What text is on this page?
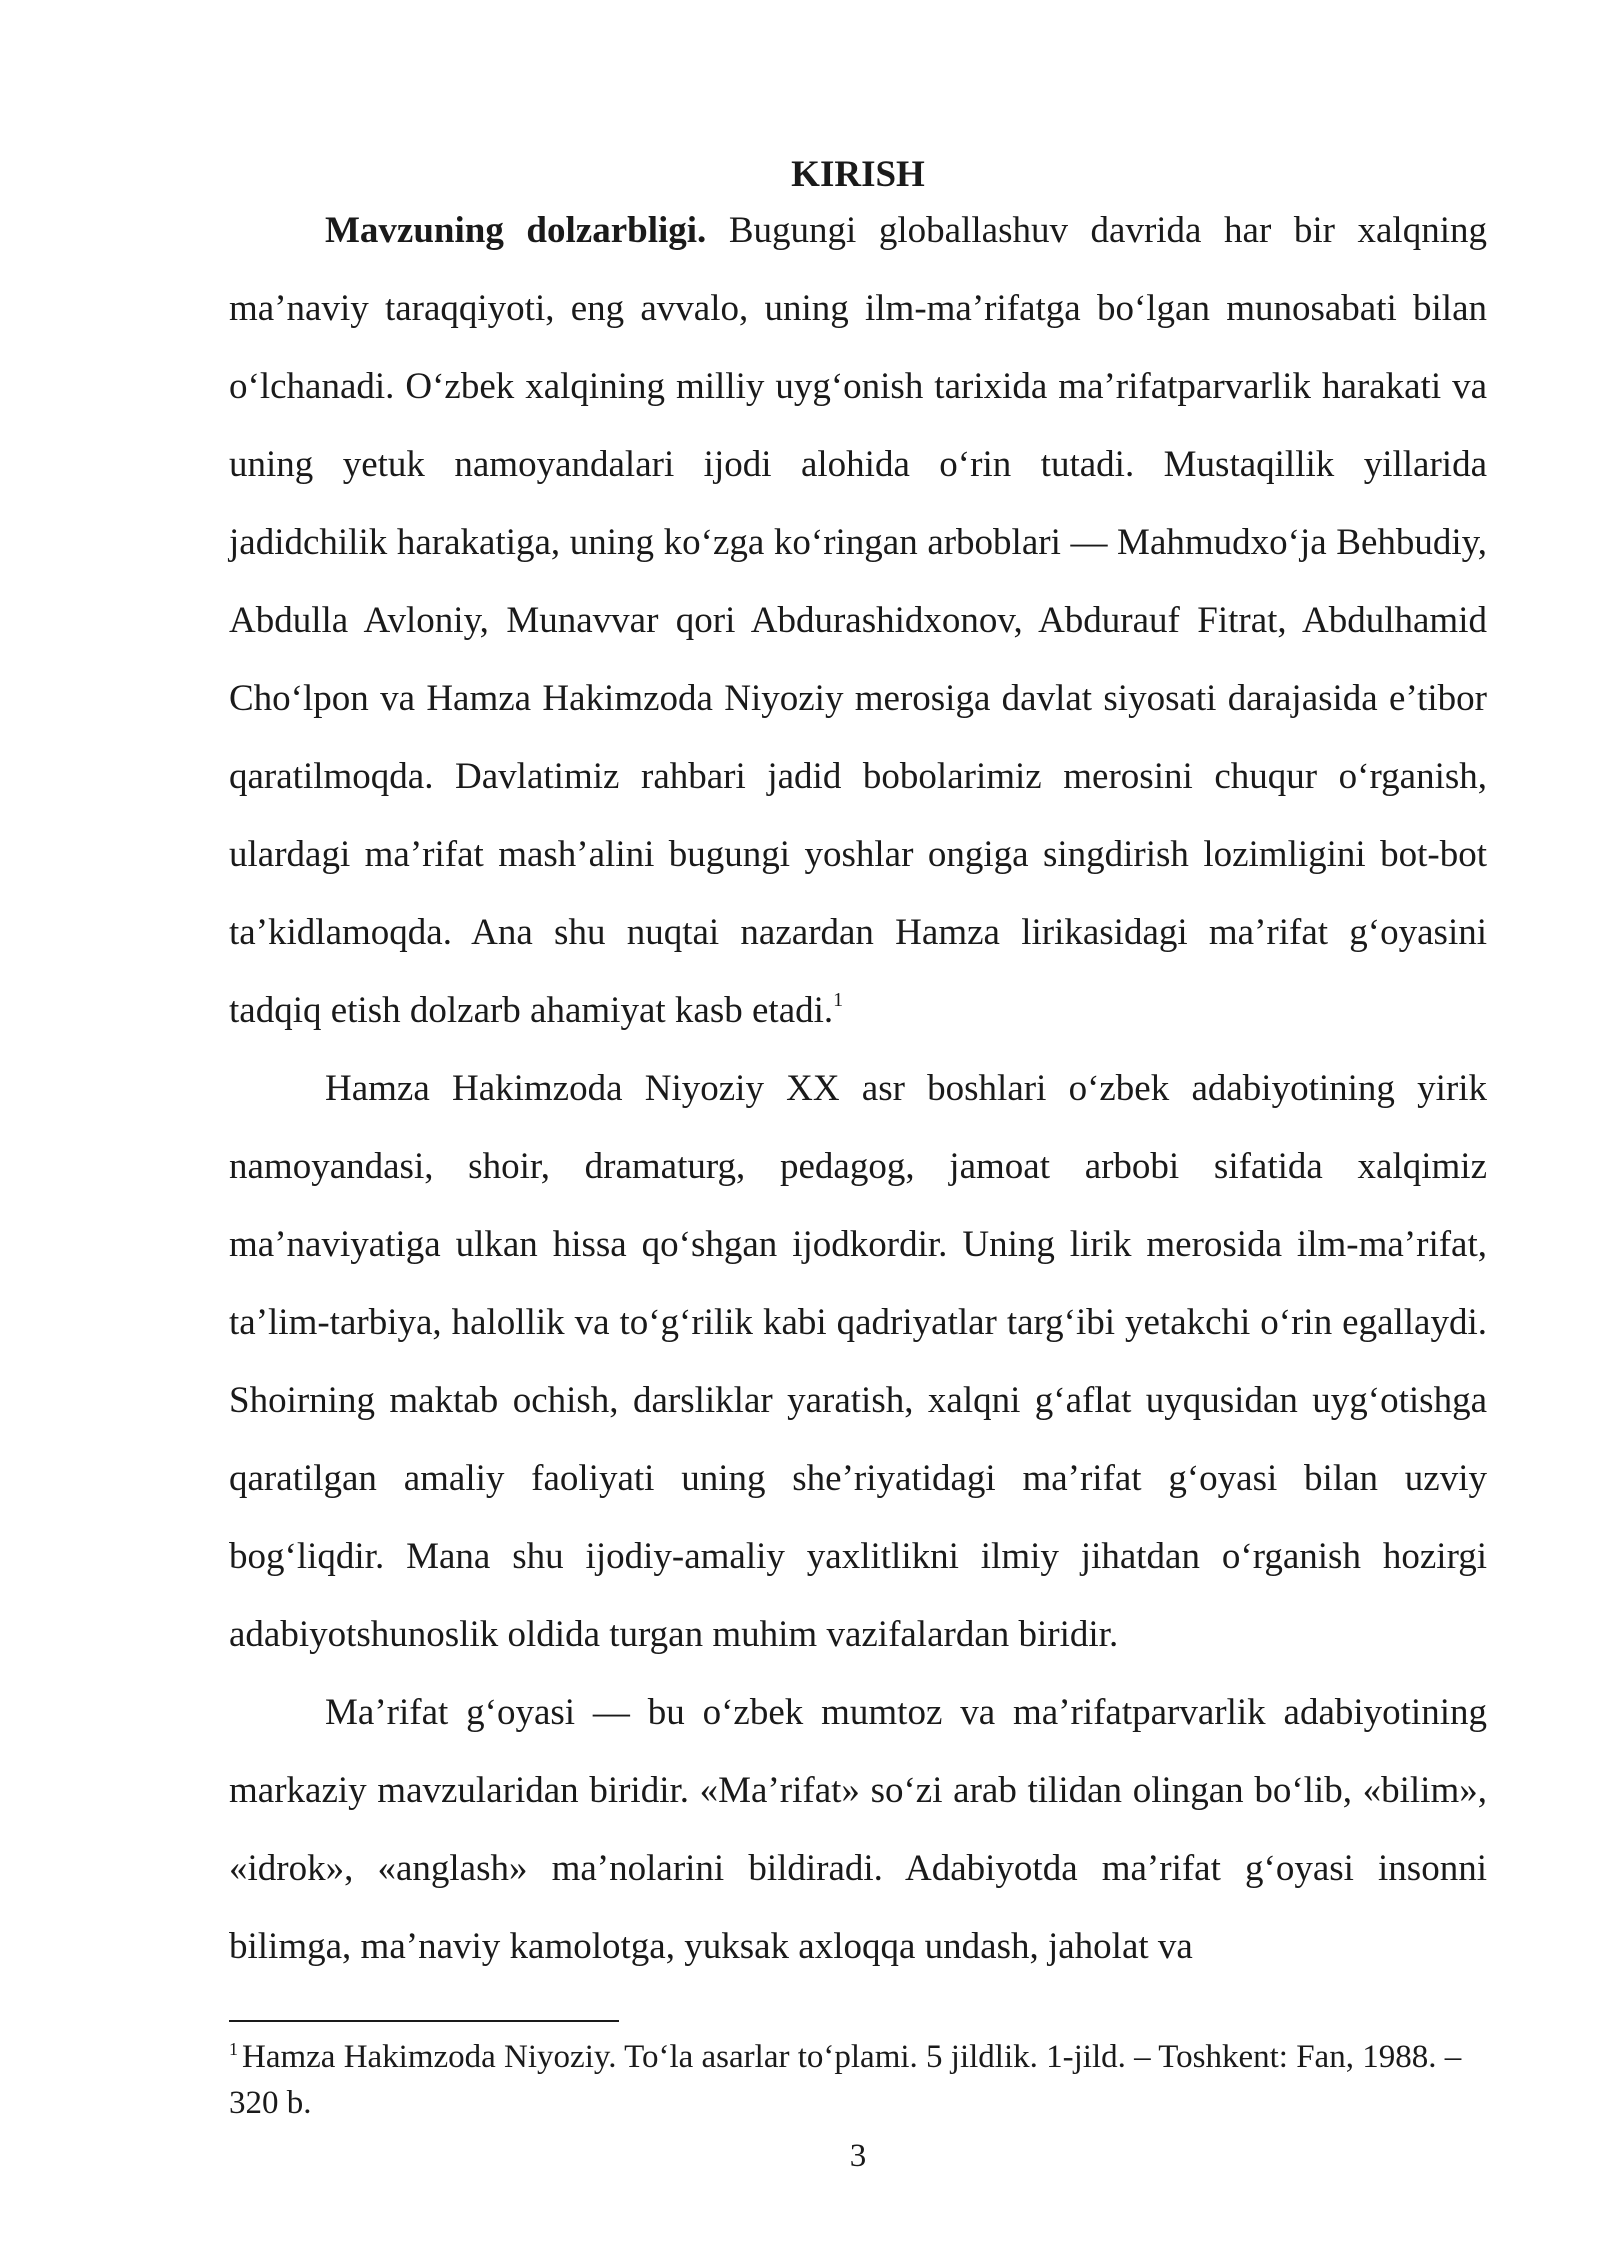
KIRISH

Mavzuning dolzarbligi. Bugungi globallashuv davrida har bir xalqning ma’naviy taraqqiyoti, eng avvalo, uning ilm-ma’rifatga bo‘lgan munosabati bilan o‘lchanadi. O‘zbek xalqining milliy uyg‘onish tarixida ma’rifatparvarlik harakati va uning yetuk namoyandalari ijodi alohida o‘rin tutadi. Mustaqillik yillarida jadidchilik harakatiga, uning ko‘zga ko‘ringan arboblari — Mahmudxo‘ja Behbudiy, Abdulla Avloniy, Munavvar qori Abdurashidxonov, Abdurauf Fitrat, Abdulhamid Cho‘lpon va Hamza Hakimzoda Niyoziy merosiga davlat siyosati darajasida e’tibor qaratilmoqda. Davlatimiz rahbari jadid bobolarimiz merosini chuqur o‘rganish, ulardagi ma’rifat mash’alini bugungi yoshlar ongiga singdirish lozimligini bot-bot ta’kidlamoqda. Ana shu nuqtai nazardan Hamza lirikasidagi ma’rifat g‘oyasini tadqiq etish dolzarb ahamiyat kasb etadi.$^1$

Hamza Hakimzoda Niyoziy XX asr boshlari o‘zbek adabiyotining yirik namoyandasi, shoir, dramaturg, pedagog, jamoat arbobi sifatida xalqimiz ma’naviyatiga ulkan hissa qo‘shgan ijodkordir. Uning lirik merosida ilm-ma’rifat, ta’lim-tarbiya, halollik va to‘g‘rilik kabi qadriyatlar targ‘ibi yetakchi o‘rin egallaydi. Shoirning maktab ochish, darsliklar yaratish, xalqni g‘aflat uyqusidan uyg‘otishga qaratilgan amaliy faoliyati uning she’riyatidagi ma’rifat g‘oyasi bilan uzviy bog‘liqdir. Mana shu ijodiy-amaliy yaxlitlikni ilmiy jihatdan o‘rganish hozirgi adabiyotshunoslik oldida turgan muhim vazifalardan biridir.

Ma’rifat g‘oyasi — bu o‘zbek mumtoz va ma’rifatparvarlik adabiyotining markaziy mavzularidan biridir. «Ma’rifat» so‘zi arab tilidan olingan bo‘lib, «bilim», «idrok», «anglash» ma’nolarini bildiradi. Adabiyotda ma’rifat g‘oyasi insonni bilimga, ma’naviy kamolotga, yuksak axloqqa undash, jaholat va

$^1$ Hamza Hakimzoda Niyoziy. To‘la asarlar to‘plami. 5 jildlik. 1-jild. – Toshkent: Fan, 1988. – 320 b.

3
